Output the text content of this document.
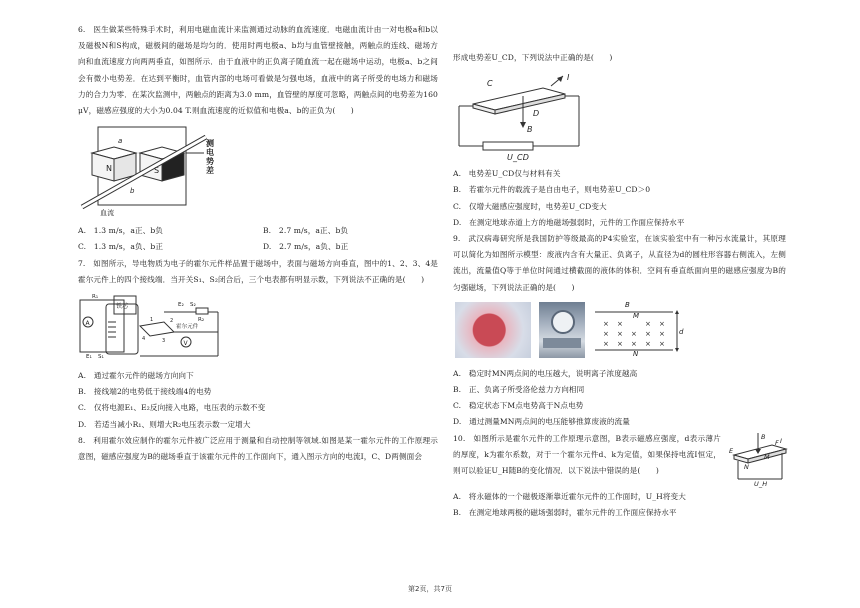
6.　医生做某些特殊手术时，利用电磁血流计来监测通过动脉的血流速度．电磁血流计由一对电极a和b以及磁极N和S构成，磁极间的磁场是均匀的．使用时两电极a、b均与血管壁接触，两触点的连线、磁场方向和血流速度方向两两垂直，如图所示．由于血液中的正负离子随血流一起在磁场中运动，电极a、b之间会有微小电势差．在达到平衡时，血管内部的电场可看做是匀强电场，血液中的离子所受的电场力和磁场力的合力为零．在某次监测中，两触点的距离为3.0 mm，血管壁的厚度可忽略，两触点间的电势差为160 μV，磁感应强度的大小为0.04 T.则血流速度的近似值和电极a、b的正负为(　　)

N	S
a
b
血流
测电势差

A.　1.3 m/s，a正、b负	B.　2.7 m/s，a正、b负

C.　1.3 m/s，a负、b正	D.　2.7 m/s，a负、b正

7.　如图所示，导电物质为电子的霍尔元件样品置于磁场中，表面与磁场方向垂直，图中的1、2、3、4是霍尔元件上的四个接线端．当开关S₁、S₂闭合后，三个电表都有明显示数，下列说法不正确的是(　　)

A
铁芯
霍尔元件
V
E₁ S₁
E₂ S₂
R₁
R₂
1	2
3
4

A.　通过霍尔元件的磁场方向向下

B.　接线端2的电势低于接线端4的电势

C.　仅将电源E₁、E₂反向接入电路，电压表的示数不变

D.　若适当减小R₁、则增大R₂电压表示数一定增大

8.　利用霍尔效应制作的霍尔元件被广泛应用于测量和自动控制等领域.如图是某一霍尔元件的工作原理示意图，磁感应强度为B的磁场垂直于该霍尔元件的工作面向下，通入图示方向的电流I，C、D两侧面会

形成电势差U_CD，下列说法中正确的是(　　)

C
D
I
B
U_CD

A.　电势差U_CD仅与材料有关

B.　若霍尔元件的载流子是自由电子，则电势差U_CD＞0

C.　仅增大磁感应强度时，电势差U_CD变大

D.　在测定地球赤道上方的地磁场强弱时，元件的工作面应保持水平

9.　武汉病毒研究所是我国防护等级最高的P4实验室，在该实验室中有一种污水流量计，其原理可以简化为如图所示模型：废液内含有大量正、负离子，从直径为d的圆柱形容器右侧流入，左侧流出，流量值Q等于单位时间通过横截面的液体的体积．空间有垂直纸面向里的磁感应强度为B的匀强磁场，下列说法正确的是(　　)

d
B
M
N
× ×	× ×
× × × × ×
× × × × ×

A.　稳定时MN两点间的电压越大，说明离子浓度越高

B.　正、负离子所受洛伦兹力方向相同

C.　稳定状态下M点电势高于N点电势

D.　通过测量MN两点间的电压能够推算废液的流量

10.　如图所示是霍尔元件的工作原理示意图，B表示磁感应强度，d表示薄片的厚度，k为霍尔系数，对于一个霍尔元件d、k为定值，如果保持电流I恒定，则可以验证U_H随B的变化情况．以下说法中错误的是(　　)

B I
E
F
M
N
U_H

A.　将永磁体的一个磁极逐渐靠近霍尔元件的工作面时，U_H将变大

B.　在测定地球两极的磁场强弱时，霍尔元件的工作面应保持水平

第2页，共7页
